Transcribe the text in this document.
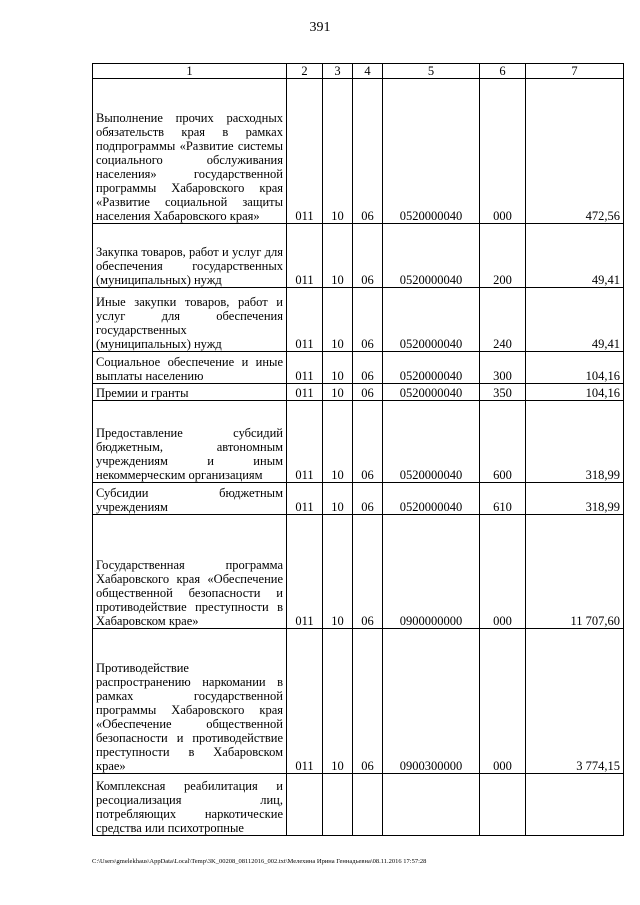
391
1	2	3	4	5	6	7
Выполнение прочих расходных обязательств края в рамках подпрограммы «Развитие системы социального обслуживания населения» государственной программы Хабаровского края «Развитие социальной защиты населения Хабаровского края»	011	10	06	0520000040	000	472,56
Закупка товаров, работ и услуг для обеспечения государственных (муниципальных) нужд	011	10	06	0520000040	200	49,41
Иные закупки товаров, работ и услуг для обеспечения государственных (муниципальных) нужд	011	10	06	0520000040	240	49,41
Социальное обеспечение и иные выплаты населению	011	10	06	0520000040	300	104,16
Премии и гранты	011	10	06	0520000040	350	104,16
Предоставление субсидий бюджетным, автономным учреждениям и иным некоммерческим организациям	011	10	06	0520000040	600	318,99
Субсидии бюджетным учреждениям	011	10	06	0520000040	610	318,99
Государственная программа Хабаровского края «Обеспечение общественной безопасности и противодействие преступности в Хабаровском крае»	011	10	06	0900000000	000	11 707,60
Противодействие распространению наркомании в рамках государственной программы Хабаровского края «Обеспечение общественной безопасности и противодействие преступности в Хабаровском крае»	011	10	06	0900300000	000	3 774,15
Комплексная реабилитация и ресоциализация лиц, потребляющих наркотические средства или психотропные						
C:\Users\gmelekhaus\AppData\Local\Temp\3K_00208_08112016_002.txt\Мелехина Ирина Геннадьевна\08.11.2016 17:57:28
